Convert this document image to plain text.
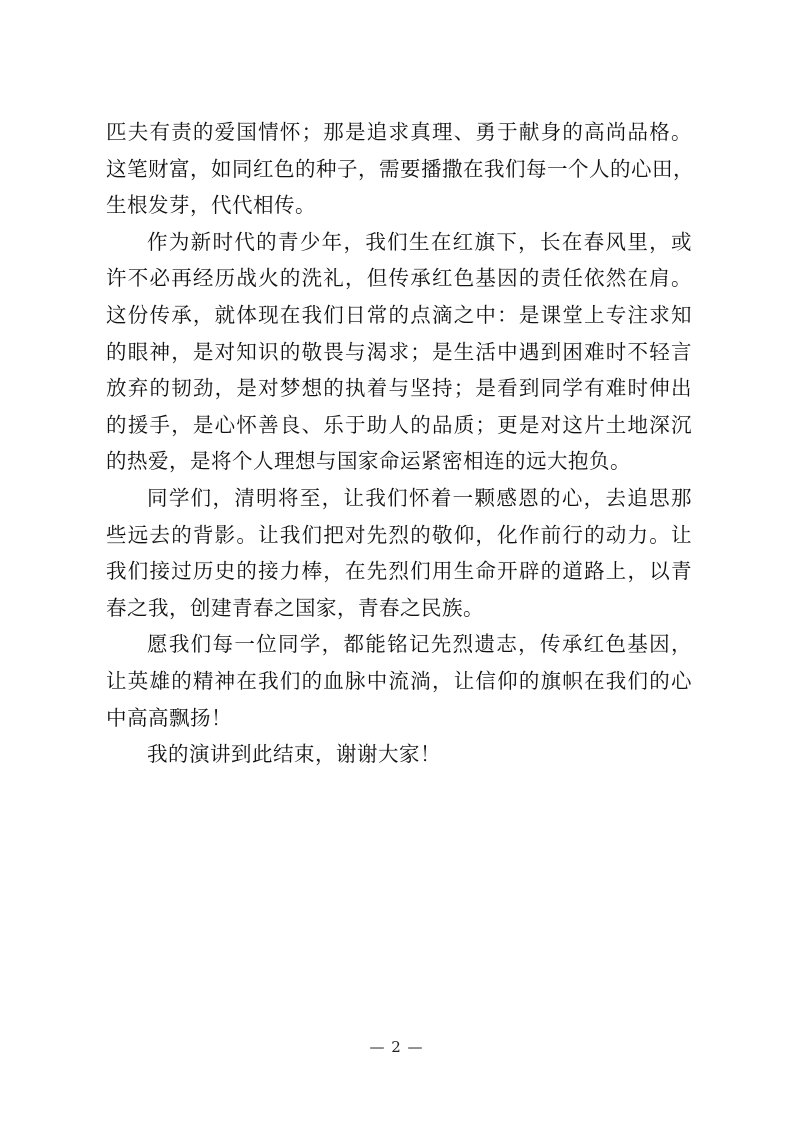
匹夫有责的爱国情怀；那是追求真理、勇于献身的高尚品格。
这笔财富，如同红色的种子，需要播撒在我们每一个人的心田，
生根发芽，代代相传。
作为新时代的青少年，我们生在红旗下，长在春风里，或
许不必再经历战火的洗礼，但传承红色基因的责任依然在肩。
这份传承，就体现在我们日常的点滴之中：是课堂上专注求知
的眼神，是对知识的敬畏与渴求；是生活中遇到困难时不轻言
放弃的韧劲，是对梦想的执着与坚持；是看到同学有难时伸出
的援手，是心怀善良、乐于助人的品质；更是对这片土地深沉
的热爱，是将个人理想与国家命运紧密相连的远大抱负。
同学们，清明将至，让我们怀着一颗感恩的心，去追思那
些远去的背影。让我们把对先烈的敬仰，化作前行的动力。让
我们接过历史的接力棒，在先烈们用生命开辟的道路上，以青
春之我，创建青春之国家，青春之民族。
愿我们每一位同学，都能铭记先烈遗志，传承红色基因，
让英雄的精神在我们的血脉中流淌，让信仰的旗帜在我们的心
中高高飘扬！
我的演讲到此结束，谢谢大家！
— 2 —
